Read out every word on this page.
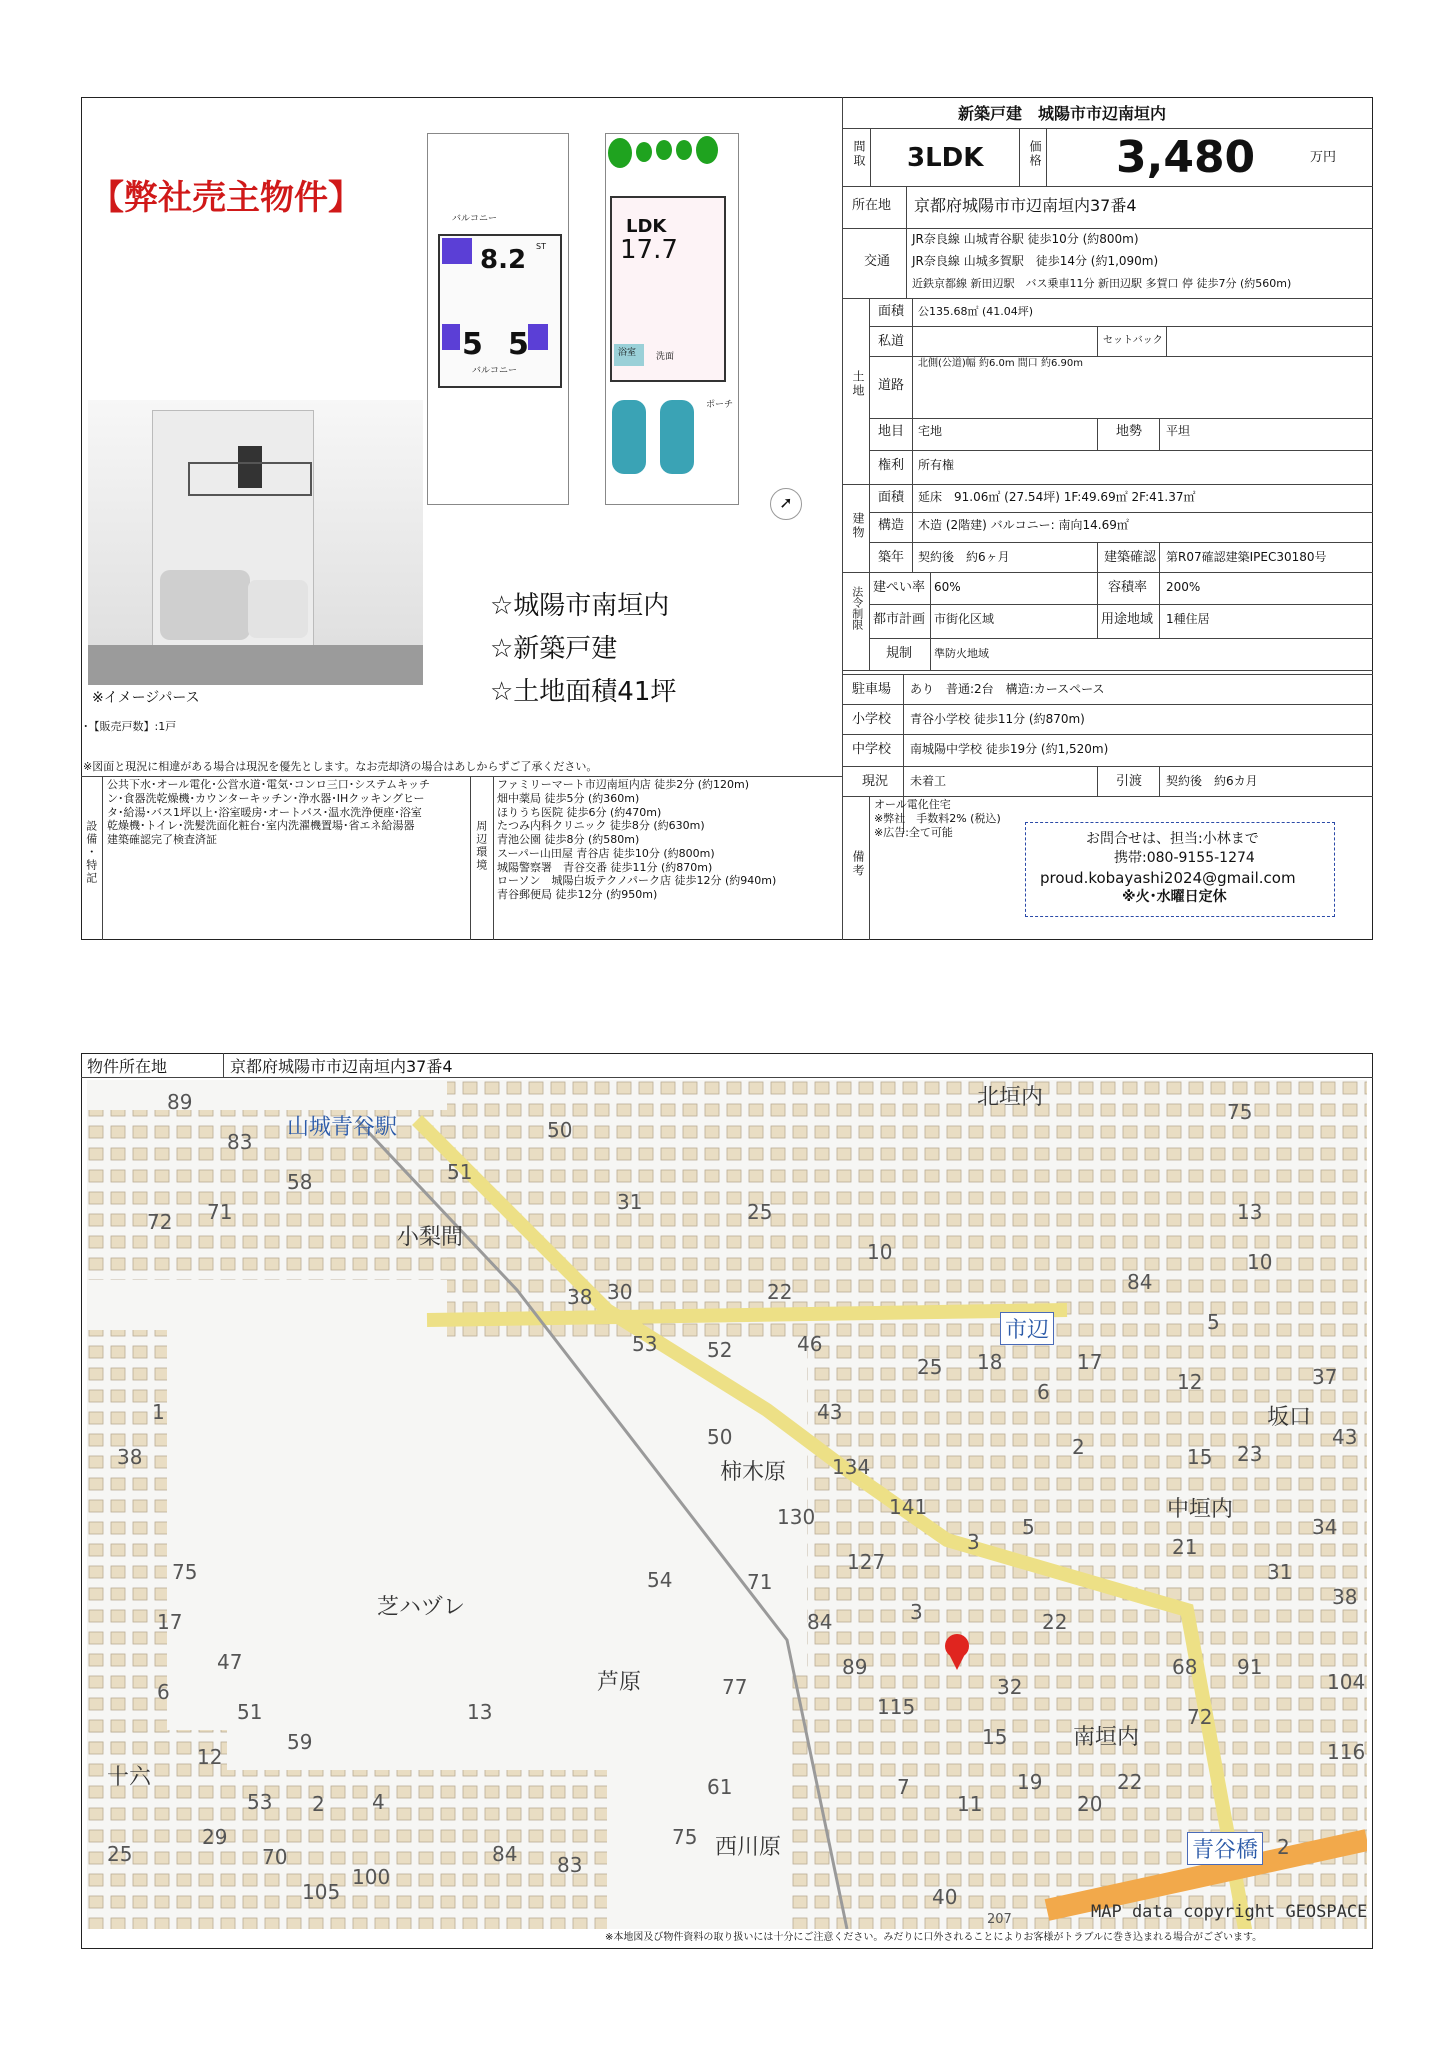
【弊社売主物件】
バルコニー
8.2
5 5
ST
バルコニー
LDK
17.7
浴室 洗面
ポーチ
➚
※イメージパース
･【販売戸数】:1戸
☆城陽市南垣内
☆新築戸建
☆土地面積41坪
※図面と現況に相違がある場合は現況を優先とします。なお売却済の場合はあしからずご了承ください。
設備・特記
公共下水･オール電化･公営水道･電気･コンロ三口･システムキッチ
ン･食器洗乾燥機･カウンターキッチン･浄水器･IHクッキングヒー
タ･給湯･バス1坪以上･浴室暖房･オートバス･温水洗浄便座･浴室
乾燥機･トイレ･洗髪洗面化粧台･室内洗濯機置場･省エネ給湯器
建築確認完了検査済証	周辺環境
ファミリーマート市辺南垣内店 徒歩2分 (約120m)
畑中薬局 徒歩5分 (約360m)
ほりうち医院 徒歩6分 (約470m)
たつみ内科クリニック 徒歩8分 (約630m)
青池公園 徒歩8分 (約580m)
スーパー山田屋 青谷店 徒歩10分 (約800m)
城陽警察署　青谷交番 徒歩11分 (約870m)
ローソン　城陽白坂テクノパーク店 徒歩12分 (約940m)
青谷郵便局 徒歩12分 (約950m)
新築戸建　城陽市市辺南垣内
間取 3LDK	価格 3,480	万円
所在地 京都府城陽市市辺南垣内37番4
交通
JR奈良線 山城青谷駅 徒歩10分 (約800m)
JR奈良線 山城多賀駅　徒歩14分 (約1,090m)
近鉄京都線 新田辺駅　バス乗車11分 新田辺駅 多賀口 停 徒歩7分 (約560m)
土地
面積 公135.68㎡ (41.04坪)
私道	セットバック
道路
北側(公道)幅 約6.0m 間口 約6.90m
地目 宅地	地勢 平坦
権利 所有権
建物
面積 延床　91.06㎡ (27.54坪) 1F:49.69㎡ 2F:41.37㎡
構造 木造 (2階建) バルコニー: 南向14.69㎡
築年 契約後　約6ヶ月	建築確認 第R07確認建築IPEC30180号
法令制限 建ぺい率 60%	容積率 200%
都市計画 市街化区域	用途地域 1種住居
規制 準防火地域
駐車場 あり　普通:2台　構造:カースペース
小学校 青谷小学校 徒歩11分 (約870m)
中学校 南城陽中学校 徒歩19分 (約1,520m)
現況 未着工	引渡 契約後　約6カ月
備考
オール電化住宅
※弊社　手数料2% (税込)
※広告:全て可能	お問合せは、担当:小林まで
携帯:080-9155-1274
proud.kobayashi2024@gmail.com
※火･水曜日定休
物件所在地	京都府城陽市市辺南垣内37番4
山城青谷駅
北垣内
小梨間
市辺
坂口
柿木原
中垣内
芝ハヅレ
芦原
南垣内
西川原
十六
青谷橋
89
83
58
71
72
50
51
31	25
10
30	22
38
46
53 52
84
75
13
10
5
12	37
18	17
25
43
6
50
1
38	2	15 23
43
134
141
130
3
5
21
34
127
54	71
84	3	22
31
38
75
17
47
6
89	68 91
104
77	32
115
15
72
116
51	13
59
12
61	7	19	22
20
53 2 4	11
29
25
75
70	84 83
105
100
40
2
207	MAP data copyright GEOSPACE
※本地図及び物件資料の取り扱いには十分にご注意ください。みだりに口外されることによりお客様がトラブルに巻き込まれる場合がございます。
